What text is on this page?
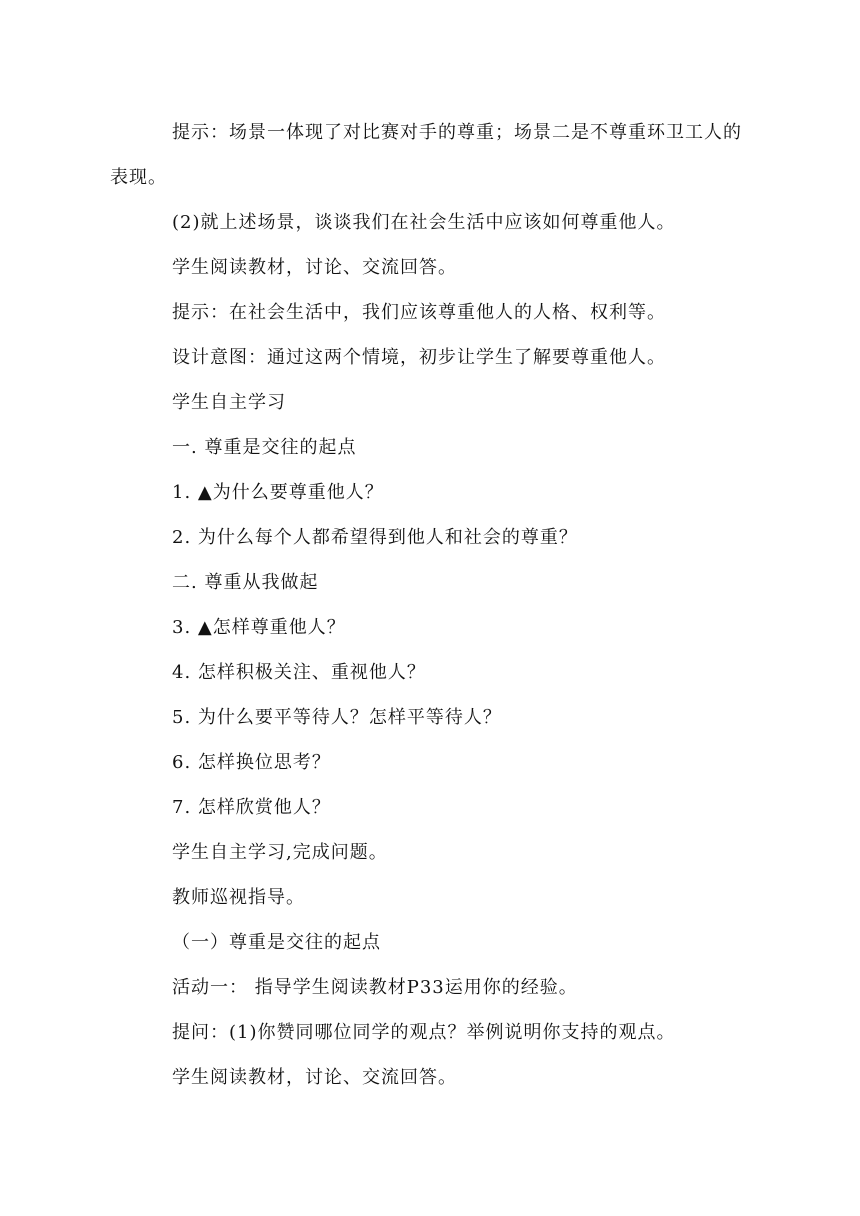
提示：场景一体现了对比赛对手的尊重；场景二是不尊重环卫工人的表现。

(2)就上述场景，谈谈我们在社会生活中应该如何尊重他人。

学生阅读教材，讨论、交流回答。

提示：在社会生活中，我们应该尊重他人的人格、权利等。

设计意图：通过这两个情境，初步让学生了解要尊重他人。

学生自主学习

一. 尊重是交往的起点

1. ▲为什么要尊重他人？

2. 为什么每个人都希望得到他人和社会的尊重？

二. 尊重从我做起

3. ▲怎样尊重他人？

4. 怎样积极关注、重视他人？

5. 为什么要平等待人？怎样平等待人？

6. 怎样换位思考？

7. 怎样欣赏他人？

学生自主学习,完成问题。

教师巡视指导。

（一）尊重是交往的起点

活动一： 指导学生阅读教材P33运用你的经验。

提问：(1)你赞同哪位同学的观点？举例说明你支持的观点。

学生阅读教材，讨论、交流回答。
